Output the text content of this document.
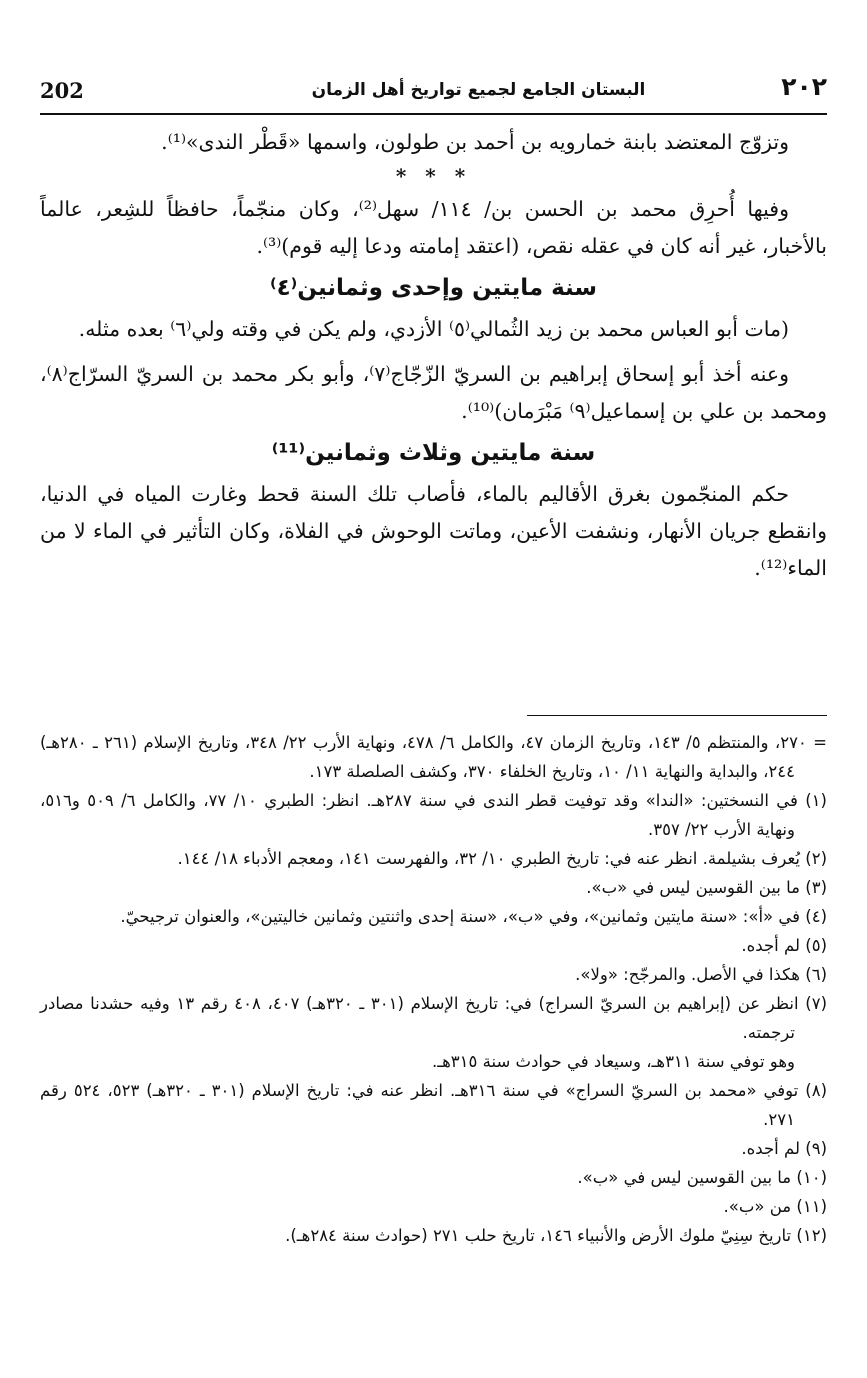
202	البستان الجامع لجميع تواريخ أهل الزمان	٢٠٢

وتزوّج المعتضد بابنة خمارويه بن أحمد بن طولون، واسمها «قَطْر الندى»⁽¹⁾.

* * *

وفيها أُحرِق محمد بن الحسن بن/ ١١٤/ سهل⁽²⁾، وكان منجّماً، حافظاً للشِعر، عالماً بالأخبار، غير أنه كان في عقله نقص، (اعتقد إمامته ودعا إليه قوم)⁽³⁾.

سنة مايتين وإحدى وثمانين⁽٤⁾

(مات أبو العباس محمد بن زيد الثُمالي⁽٥⁾ الأزدي، ولم يكن في وقته ولي⁽٦⁾ بعده مثله.

وعنه أخذ أبو إسحاق إبراهيم بن السريّ الزّجّاج⁽٧⁾، وأبو بكر محمد بن السريّ السرّاج⁽٨⁾، ومحمد بن علي بن إسماعيل⁽٩⁾ مَبْرَمان)⁽¹⁰⁾.

سنة مايتين وثلاث وثمانين⁽¹¹⁾

حكم المنجّمون بغرق الأقاليم بالماء، فأصاب تلك السنة قحط وغارت المياه في الدنيا، وانقطع جريان الأنهار، ونشفت الأعين، وماتت الوحوش في الفلاة، وكان التأثير في الماء لا من الماء⁽¹²⁾.

= ٢٧٠، والمنتظم ٥/ ١٤٣، وتاريخ الزمان ٤٧، والكامل ٦/ ٤٧٨، ونهاية الأرب ٢٢/ ٣٤٨، وتاريخ الإسلام (٢٦١ ـ ٢٨٠هـ) ٢٤٤، والبداية والنهاية ١١/ ١٠، وتاريخ الخلفاء ٣٧٠، وكشف الصلصلة ١٧٣.

(١) في النسختين: «الندا» وقد توفيت قطر الندى في سنة ٢٨٧هـ. انظر: الطبري ١٠/ ٧٧، والكامل ٦/ ٥٠٩ و٥١٦، ونهاية الأرب ٢٢/ ٣٥٧.

(٢) يُعرف بشيلمة. انظر عنه في: تاريخ الطبري ١٠/ ٣٢، والفهرست ١٤١، ومعجم الأدباء ١٨/ ١٤٤.

(٣) ما بين القوسين ليس في «ب».

(٤) في «أ»: «سنة مايتين وثمانين»، وفي «ب»، «سنة إحدى واثنتين وثمانين خاليتين»، والعنوان ترجيحيّ.

(٥) لم أجده.

(٦) هكذا في الأصل. والمرجّح: «ولا».

(٧) انظر عن (إبراهيم بن السريّ السراج) في: تاريخ الإسلام (٣٠١ ـ ٣٢٠هـ) ٤٠٧، ٤٠٨ رقم ١٣ وفيه حشدنا مصادر ترجمته.

وهو توفي سنة ٣١١هـ، وسيعاد في حوادث سنة ٣١٥هـ.

(٨) توفي «محمد بن السريّ السراج» في سنة ٣١٦هـ. انظر عنه في: تاريخ الإسلام (٣٠١ ـ ٣٢٠هـ) ٥٢٣، ٥٢٤ رقم ٢٧١.

(٩) لم أجده.

(١٠) ما بين القوسين ليس في «ب».

(١١) من «ب».

(١٢) تاريخ سِنِيّ ملوك الأرض والأنبياء ١٤٦، تاريخ حلب ٢٧١ (حوادث سنة ٢٨٤هـ).
